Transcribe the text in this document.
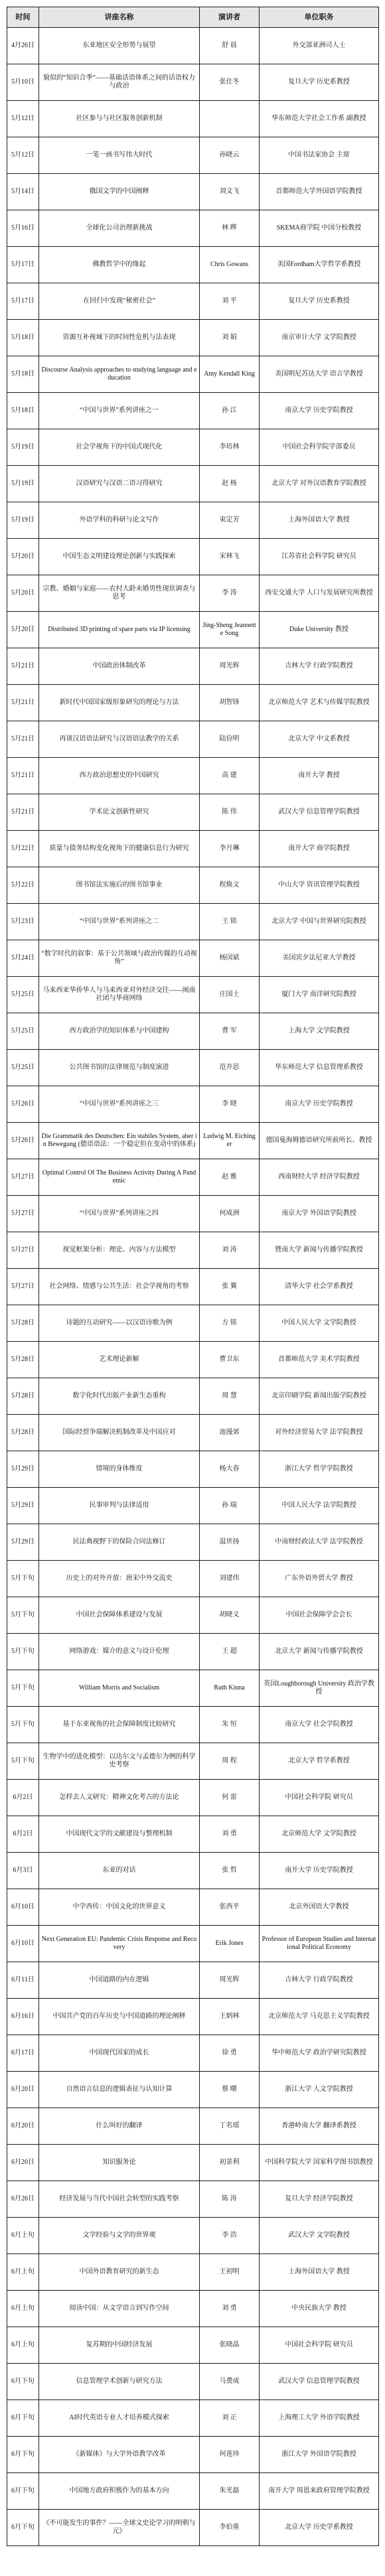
时间	讲座名称	演讲者	单位职务
4月26日	东亚地区安全形势与展望	舒 晨	外交部亚洲司人士
5月10日	貌似的“知识合季”——基础话语体系之间的话语权力与政治	张仕冬	复旦大学 历史系教授
5月12日	社区参与与社区服务创新机制		华东师范大学社会工作系 副教授
5月12日	一笔一画书写伟大时代	孙晓云	中国书法家协会 主席
5月14日	俄国文学的中国阐释	刘文飞	首都师范大学外国语学院教授
5月16日	全球化公司治理新挑战	林 晔	SKEMA商学院 中国分校教授
5月17日	佛教哲学中的缘起	Chris Gowans	美国Fordham大学哲学系教授
5月17日	在回归中发现“秘密社会”	刘 平	复旦大学 历史系教授
5月18日	资源互补视域下的时间性危机与法表现	刘 娟	南京审计大学 文学院教授
5月18日	Discourse Analysis approaches to studying language and education	Amy Kendall King	美国明尼苏达大学 语言学教授
5月18日	“中国与世界”系列讲座之一	孙 江	南京大学 历史学院教授
5月19日	社会学视角下的中国式现代化	李培林	中国社会科学院学部委员
5月19日	汉语研究与汉语二语习得研究	赵 杨	北京大学 对外汉语教育学院教授
5月19日	外语学科的科研与论文写作	束定芳	上海外国语大学 教授
5月20日	中国生态文明建设理论创新与实践探索	宋林飞	江苏省社会科学院 研究员
5月20日	宗教、婚姻与家庭——农村大龄未婚男性现状调查与思考	李 涛	西安交通大学 人口与发展研究所教授
5月20日	Distributed 3D printing of spare parts via IP licensing	Jing-Sheng Jeannette Song	Duke University 教授
5月21日	中国政治体制改革	周光辉	吉林大学 行政学院教授
5月21日	新时代中国国家级形象研究的理论与方法	胡智锋	北京师范大学 艺术与传媒学院教授
5月21日	再谈汉语语法研究与汉语语法教学的关系	陆俭明	北京大学 中文系教授
5月21日	西方政治思想史的中国研究	高 建	南开大学 教授
5月21日	学术论文创新性研究	陈 伟	武汉大学 信息管理学院教授
5月22日	质量与债务结构变化视角下的健康信息行为研究	李月琳	南开大学 商学院教授
5月22日	图书馆法实施后的图书馆事业	程焕文	中山大学 资讯管理学院教授
5月23日	“中国与世界”系列讲座之二	王 铭	北京大学 中国与世界研究院教授
5月24日	“数字时代的叙事：基于公共领域与政治传媒的互动视角”	杨国斌	美国宾夕法尼亚大学教授
5月25日	马来西亚华侨华人与马来西亚对外经济交往——闽南社团与华商网络	庄国土	厦门大学 南洋研究院教授
5月25日	西方政治学的知识体系与中国建构	曹 军	上海大学 文学院教授
5月25日	公共图书馆的法律规范与制度演进	范并思	华东师范大学 信息管理系教授
5月26日	“中国与世界”系列讲座之三	李 晓	南京大学 历史学院教授
5月26日	Die Grammatik des Deutschen: Ein stabiles System, aber in Bewegung (德语语法：一个稳定但在变动中的体系)	Ludwig M. Eichinger	德国曼海姆德语研究所前所长、教授
5月27日	Optimal Control Of The Business Activity During A Pandemic	赵 雅	西南财经大学 经济学院教授
5月27日	“中国与世界”系列讲座之四	何成洲	南京大学 外国语学院教授
5月27日	视觉框架分析：理论、内容与方法模型	刘 涛	暨南大学 新闻与传播学院教授
5月27日	社会网络、情感与公共生活：社会学视角的考察	张 翼	清华大学 社会学系教授
5月28日	诗题的互动研究——以汉语诗歌为例	方 铭	中国人民大学 文学院教授
5月28日	艺术理论新解	曹卫东	首都师范大学 美术学院教授
5月28日	数字化时代出版产业新生态重构	周 慧	北京印刷学院 新闻出版学院教授
5月28日	国际经贸争端解决机制改革及中国应对	池漫郊	对外经济贸易大学 法学院教授
5月29日	情境的身体维度	杨大春	浙江大学 哲学学院教授
5月29日	民事审判与法律适用	孙 瑞	中国人民大学 法学院教授
5月29日	民法典视野下的保险合同法修订	温世扬	中南财经政法大学 法学院教授
5月下旬	历史上的对外开放：唐宋中外交流史	刘建伟	广东外语外贸大学 教授
5月下旬	中国社会保障体系建设与发展	胡晓义	中国社会保障学会会长
5月下旬	网络游戏：媒介的意义与设计伦理	王 超	北京大学 新闻与传播学院教授
5月下旬	William Morris and Socialism	Ruth Kinna	英国Loughborough University 政治学教授
5月下旬	基于东亚视角的社会保障制度比较研究	朱 恒	南京大学 社会学院教授
5月下旬	生物学中的进化模型：以达尔文与孟德尔为例的科学史考察	周 程	北京大学 哲学系教授
6月2日	怎样去人文研究：精神文化考古的方法论	何 雷	中国社会科学院 研究员
6月2日	中国现代文学的文献建设与整理机制	刘 勇	北京师范大学 文学院教授
6月3日	东亚的对话	张 哲	南开大学 历史学院教授
6月10日	中学西传：中国文化的世界意义	张西平	北京外国语大学教授
6月10日	Next Generation EU: Pandemic Crisis Response and Recovery	Erik Jones	Professor of European Studies and International Political Economy
6月11日	中国道路的内在逻辑	周光辉	吉林大学 行政学院教授
6月16日	中国共产党的百年历史与中国道路的理论阐释	王炳林	北京师范大学 马克思主义学院教授
6月17日	中国现代国家的成长	徐 勇	华中师范大学 政治学研究院教授
6月20日	自然语言信息的逻辑表征与认知计算	蔡 曙	浙江大学 人文学院教授
6月20日	什么叫好的翻译	丁名瑶	香港岭南大学 翻译系教授
6月20日	知识服务论	初景利	中国科学院大学 国家科学图书馆教授
6月26日	经济发展与当代中国社会转型的实践考察	陈 涛	复旦大学 经济学院教授
6月上旬	文学经验与文学的世界观	李 浩	武汉大学 文学院教授
6月上旬	中国外语教育研究的新生态	王初明	上海外国语大学 教授
6月上旬	阅读中国：从文学语言到写作空间	刘 勇	中央民族大学 教授
6月上旬	复苏期的中国经济发展	张晓晶	中国社会科学院 研究员
6月下旬	信息管理学术创新与研究方法	马费成	武汉大学 信息管理学院教授
6月下旬	AI时代英语专业人才培养模式探索	刘 正	上海理工大学 外语学院教授
6月下旬	《新媒体》与大学外语教学改革	何莲珍	浙江大学 外国语学院教授
6月下旬	中国地方政府积极作为的基本方向	朱光磊	南开大学 周恩来政府管理学院教授
6月下旬	《不可能发生的事件？——全球文史论学习的明朝与元》	李伯重	北京大学 历史学系教授
